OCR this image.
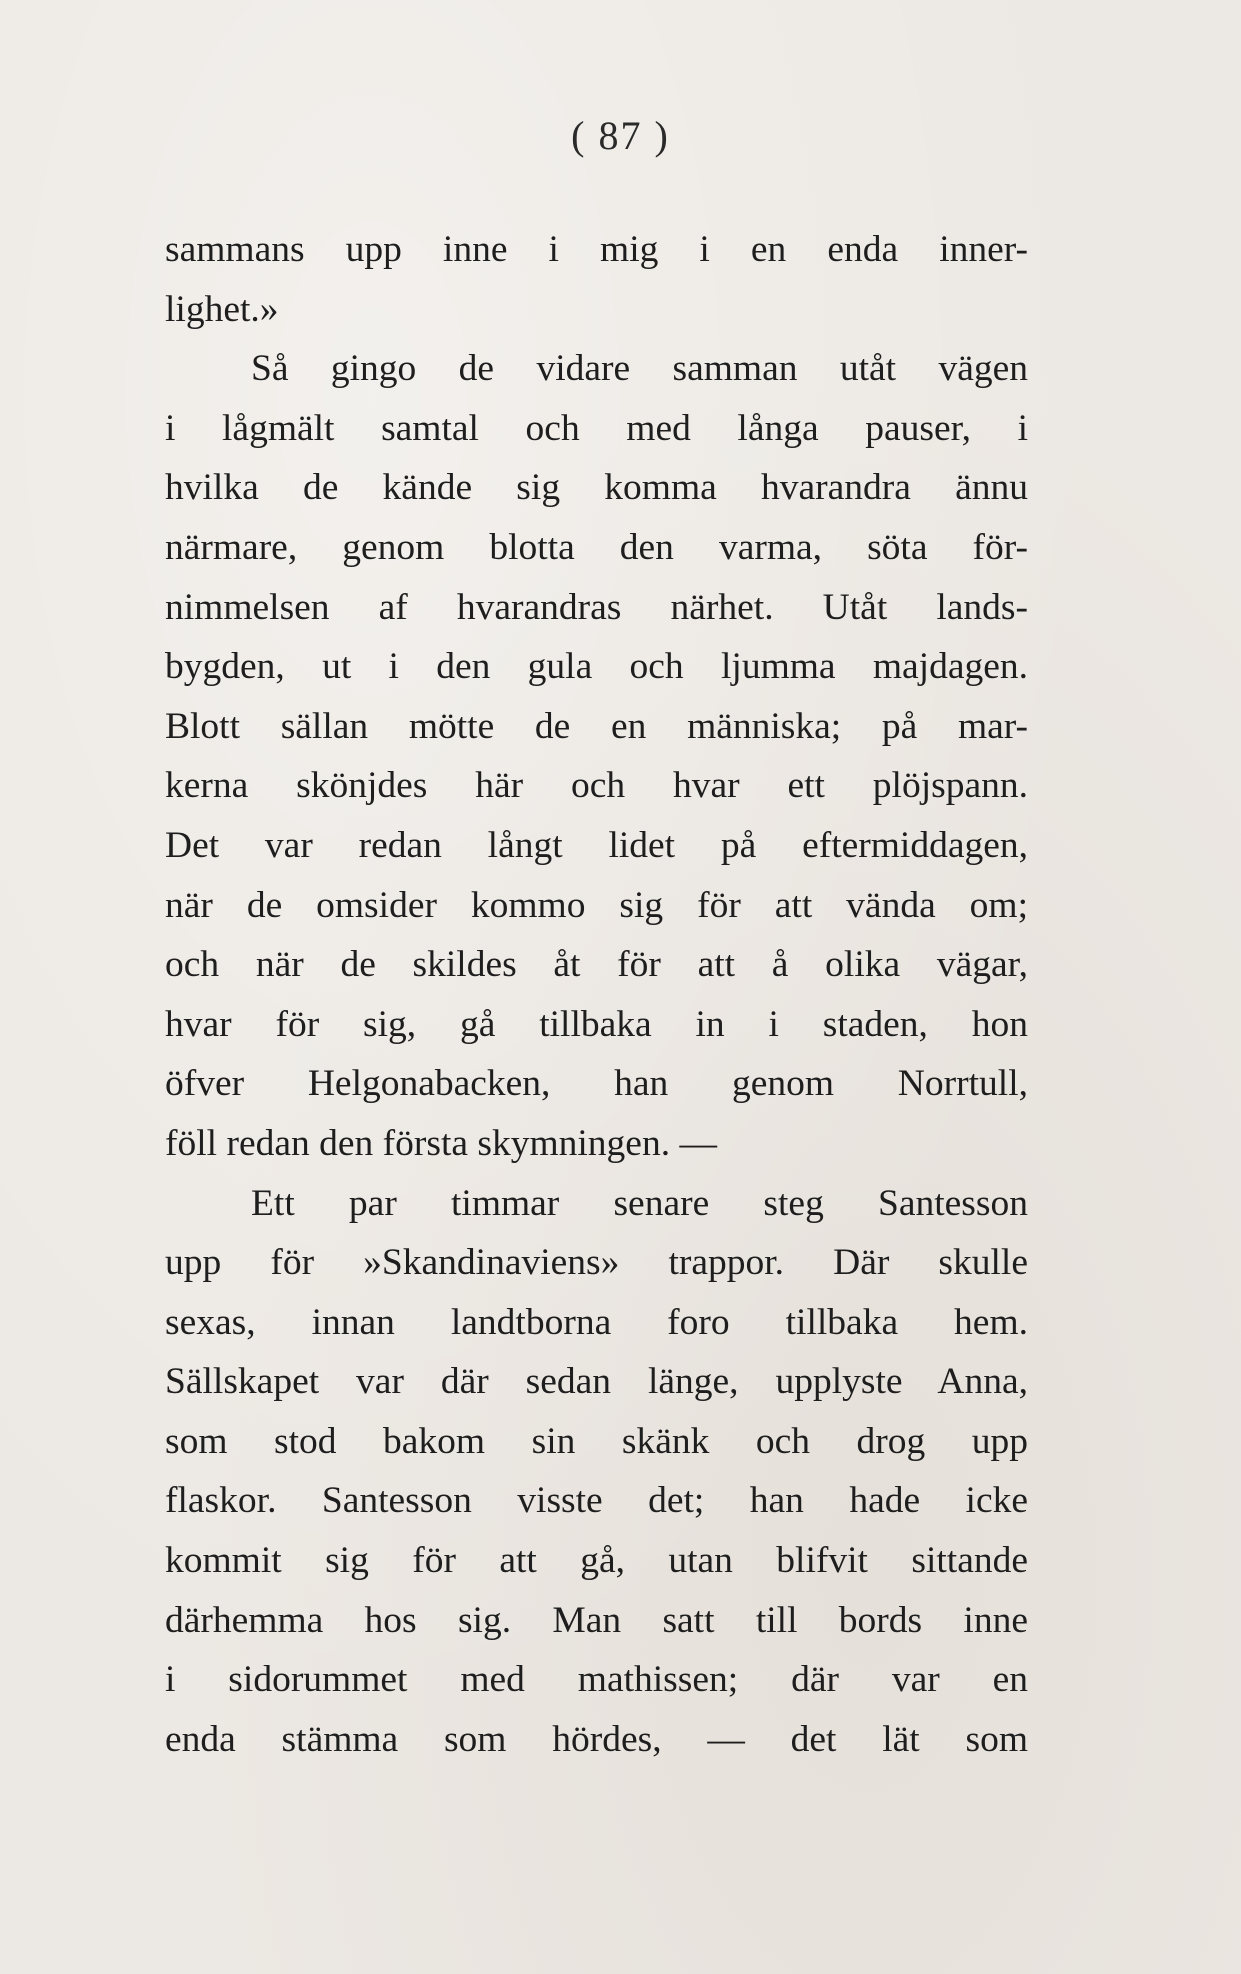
( 87 )

sammans upp inne i mig i en enda inner-
lighet.»
Så gingo de vidare samman utåt vägen
i lågmält samtal och med långa pauser, i
hvilka de kände sig komma hvarandra ännu
närmare, genom blotta den varma, söta för-
nimmelsen af hvarandras närhet. Utåt lands-
bygden, ut i den gula och ljumma majdagen.
Blott sällan mötte de en människa; på mar-
kerna skönjdes här och hvar ett plöjspann.
Det var redan långt lidet på eftermiddagen,
när de omsider kommo sig för att vända om;
och när de skildes åt för att å olika vägar,
hvar för sig, gå tillbaka in i staden, hon
öfver Helgonabacken, han genom Norrtull,
föll redan den första skymningen. —
Ett par timmar senare steg Santesson
upp för »Skandinaviens» trappor. Där skulle
sexas, innan landtborna foro tillbaka hem.
Sällskapet var där sedan länge, upplyste Anna,
som stod bakom sin skänk och drog upp
flaskor. Santesson visste det; han hade icke
kommit sig för att gå, utan blifvit sittande
därhemma hos sig. Man satt till bords inne
i sidorummet med mathissen; där var en
enda stämma som hördes, — det lät som
